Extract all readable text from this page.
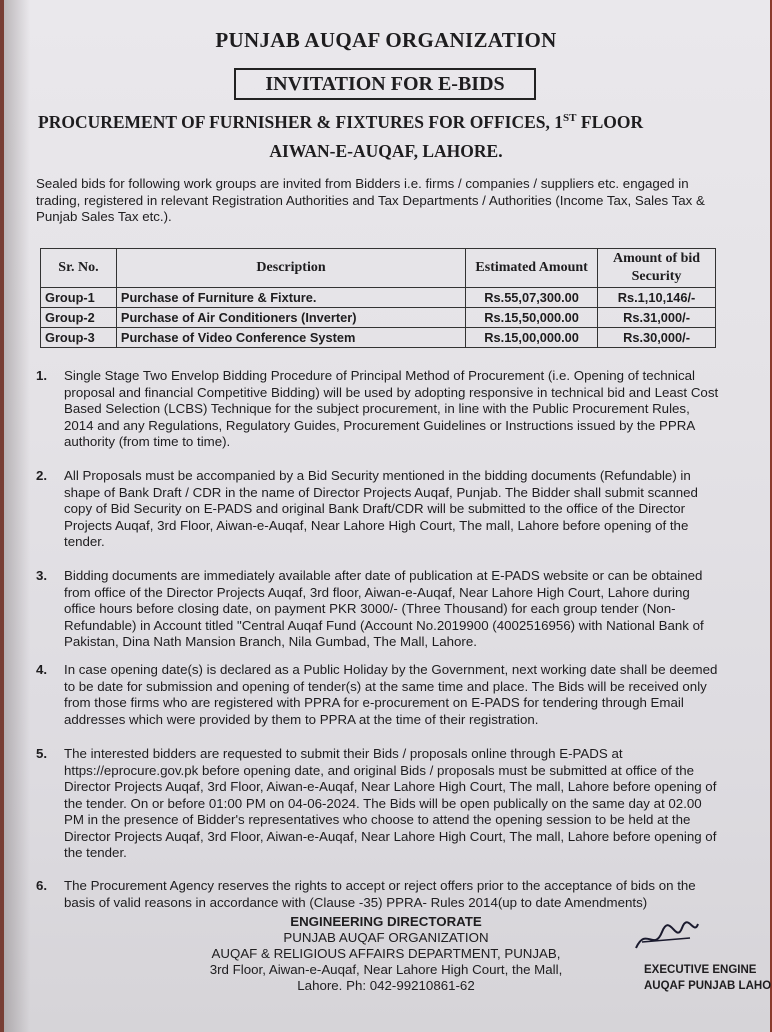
PUNJAB AUQAF ORGANIZATION
INVITATION FOR E-BIDS
PROCUREMENT OF FURNISHER & FIXTURES FOR OFFICES, 1ST FLOOR
AIWAN-E-AUQAF, LAHORE.
Sealed bids for following work groups are invited from Bidders i.e. firms / companies / suppliers etc. engaged in trading, registered in relevant Registration Authorities and Tax Departments / Authorities (Income Tax, Sales Tax & Punjab Sales Tax etc.).
Sr. No.	Description	Estimated Amount	Amount of bid Security
Group-1	Purchase of Furniture & Fixture.	Rs.55,07,300.00	Rs.1,10,146/-
Group-2	Purchase of Air Conditioners (Inverter)	Rs.15,50,000.00	Rs.31,000/-
Group-3	Purchase of Video Conference System	Rs.15,00,000.00	Rs.30,000/-
1.	Single Stage Two Envelop Bidding Procedure of Principal Method of Procurement (i.e. Opening of technical proposal and financial Competitive Bidding) will be used by adopting responsive in technical bid and Least Cost Based Selection (LCBS) Technique for the subject procurement, in line with the Public Procurement Rules, 2014 and any Regulations, Regulatory Guides, Procurement Guidelines or Instructions issued by the PPRA authority (from time to time).
2.	All Proposals must be accompanied by a Bid Security mentioned in the bidding documents (Refundable) in shape of Bank Draft / CDR in the name of Director Projects Auqaf, Punjab. The Bidder shall submit scanned copy of Bid Security on E-PADS and original Bank Draft/CDR will be submitted to the office of the Director Projects Auqaf, 3rd Floor, Aiwan-e-Auqaf, Near Lahore High Court, The mall, Lahore before opening of the tender.
3.	Bidding documents are immediately available after date of publication at E-PADS website or can be obtained from office of the Director Projects Auqaf, 3rd floor, Aiwan-e-Auqaf, Near Lahore High Court, Lahore during office hours before closing date, on payment PKR 3000/- (Three Thousand) for each group tender (Non-Refundable) in Account titled "Central Auqaf Fund (Account No.2019900 (4002516956) with National Bank of Pakistan, Dina Nath Mansion Branch, Nila Gumbad, The Mall, Lahore.
4.	In case opening date(s) is declared as a Public Holiday by the Government, next working date shall be deemed to be date for submission and opening of tender(s) at the same time and place. The Bids will be received only from those firms who are registered with PPRA for e-procurement on E-PADS for tendering through Email addresses which were provided by them to PPRA at the time of their registration.
5.	The interested bidders are requested to submit their Bids / proposals online through E-PADS at https://eprocure.gov.pk before opening date, and original Bids / proposals must be submitted at office of the Director Projects Auqaf, 3rd Floor, Aiwan-e-Auqaf, Near Lahore High Court, The mall, Lahore before opening of the tender. On or before 01:00 PM on 04-06-2024. The Bids will be open publically on the same day at 02.00 PM in the presence of Bidder's representatives who choose to attend the opening session to be held at the Director Projects Auqaf, 3rd Floor, Aiwan-e-Auqaf, Near Lahore High Court, The mall, Lahore before opening of the tender.
6.	The Procurement Agency reserves the rights to accept or reject offers prior to the acceptance of bids on the basis of valid reasons in accordance with (Clause -35) PPRA- Rules 2014(up to date Amendments)
ENGINEERING DIRECTORATE
PUNJAB AUQAF ORGANIZATION
AUQAF & RELIGIOUS AFFAIRS DEPARTMENT, PUNJAB,
3rd Floor, Aiwan-e-Auqaf, Near Lahore High Court, the Mall,
Lahore. Ph: 042-99210861-62
EXECUTIVE ENGINE
AUQAF PUNJAB LAHO
